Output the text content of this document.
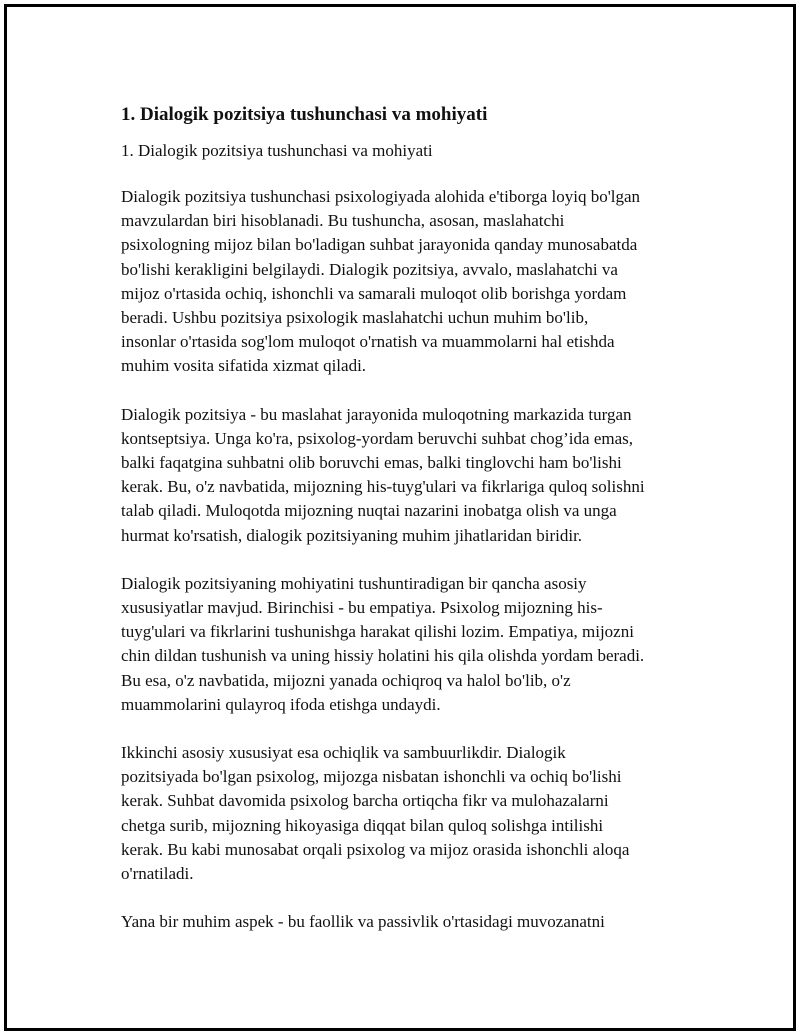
1. Dialogik pozitsiya tushunchasi va mohiyati

1. Dialogik pozitsiya tushunchasi va mohiyati

Dialogik pozitsiya tushunchasi psixologiyada alohida e'tiborga loyiq bo'lgan
mavzulardan biri hisoblanadi. Bu tushuncha, asosan, maslahatchi
psixologning mijoz bilan bo'ladigan suhbat jarayonida qanday munosabatda
bo'lishi kerakligini belgilaydi. Dialogik pozitsiya, avvalo, maslahatchi va
mijoz o'rtasida ochiq, ishonchli va samarali muloqot olib borishga yordam
beradi. Ushbu pozitsiya psixologik maslahatchi uchun muhim bo'lib,
insonlar o'rtasida sog'lom muloqot o'rnatish va muammolarni hal etishda
muhim vosita sifatida xizmat qiladi.

Dialogik pozitsiya - bu maslahat jarayonida muloqotning markazida turgan
kontseptsiya. Unga ko'ra, psixolog-yordam beruvchi suhbat chog’ida emas,
balki faqatgina suhbatni olib boruvchi emas, balki tinglovchi ham bo'lishi
kerak. Bu, o'z navbatida, mijozning his-tuyg'ulari va fikrlariga quloq solishni
talab qiladi. Muloqotda mijozning nuqtai nazarini inobatga olish va unga
hurmat ko'rsatish, dialogik pozitsiyaning muhim jihatlaridan biridir.

Dialogik pozitsiyaning mohiyatini tushuntiradigan bir qancha asosiy
xususiyatlar mavjud. Birinchisi - bu empatiya. Psixolog mijozning his-
tuyg'ulari va fikrlarini tushunishga harakat qilishi lozim. Empatiya, mijozni
chin dildan tushunish va uning hissiy holatini his qila olishda yordam beradi.
Bu esa, o'z navbatida, mijozni yanada ochiqroq va halol bo'lib, o'z
muammolarini qulayroq ifoda etishga undaydi.

Ikkinchi asosiy xususiyat esa ochiqlik va sambuurlikdir. Dialogik
pozitsiyada bo'lgan psixolog, mijozga nisbatan ishonchli va ochiq bo'lishi
kerak. Suhbat davomida psixolog barcha ortiqcha fikr va mulohazalarni
chetga surib, mijozning hikoyasiga diqqat bilan quloq solishga intilishi
kerak. Bu kabi munosabat orqali psixolog va mijoz orasida ishonchli aloqa
o'rnatiladi.

Yana bir muhim aspek - bu faollik va passivlik o'rtasidagi muvozanatni
